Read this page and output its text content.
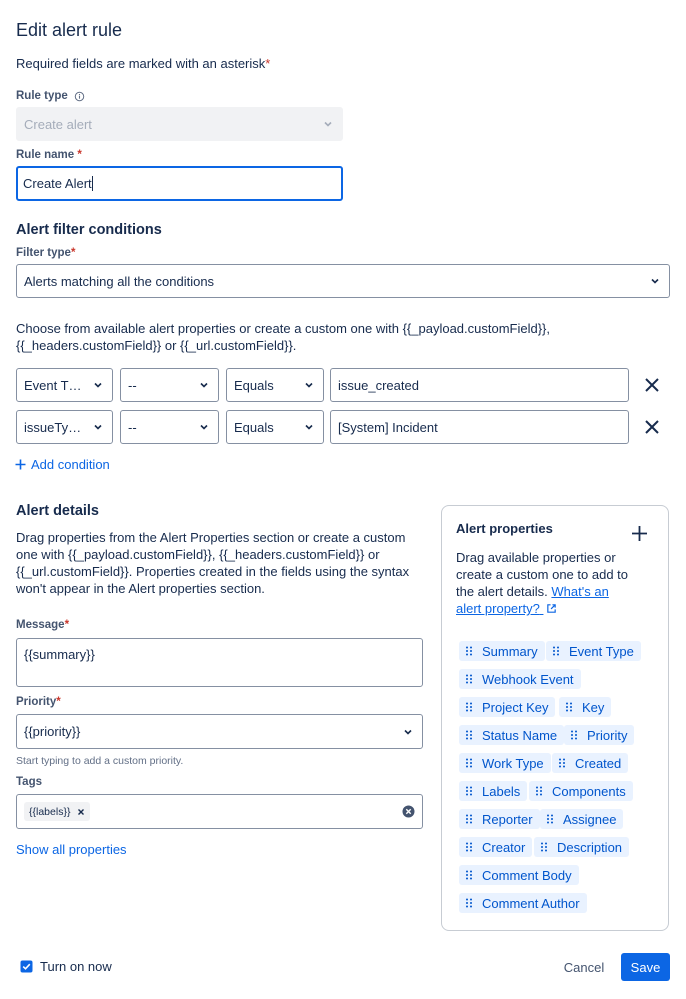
Edit alert rule
Required fields are marked with an asterisk*
Rule type
Create alert
Rule name *
Create Alert
Alert filter conditions
Filter type*
Alerts matching all the conditions
Choose from available alert properties or create a custom one with {{_payload.customField}}, {{_headers.customField}} or {{_url.customField}}.
Event T…	--	Equals	issue_created
issueTy…	--	Equals	[System] Incident
Add condition
Alert details
Drag properties from the Alert Properties section or create a custom one with {{_payload.customField}}, {{_headers.customField}} or {{_url.customField}}. Properties created in the fields using the syntax won't appear in the Alert properties section.
Message*
{{summary}}
Priority*
{{priority}}
Start typing to add a custom priority.
Tags
{{labels}}
Show all properties
Alert properties
Drag available properties or create a custom one to add to the alert details. What's an alert property?
Summary Event Type
Webhook Event
Project Key	Key
Status Name Priority
Work Type Created
Labels Components
Reporter Assignee
Creator Description
Comment Body
Comment Author
Turn on now	Cancel	Save
